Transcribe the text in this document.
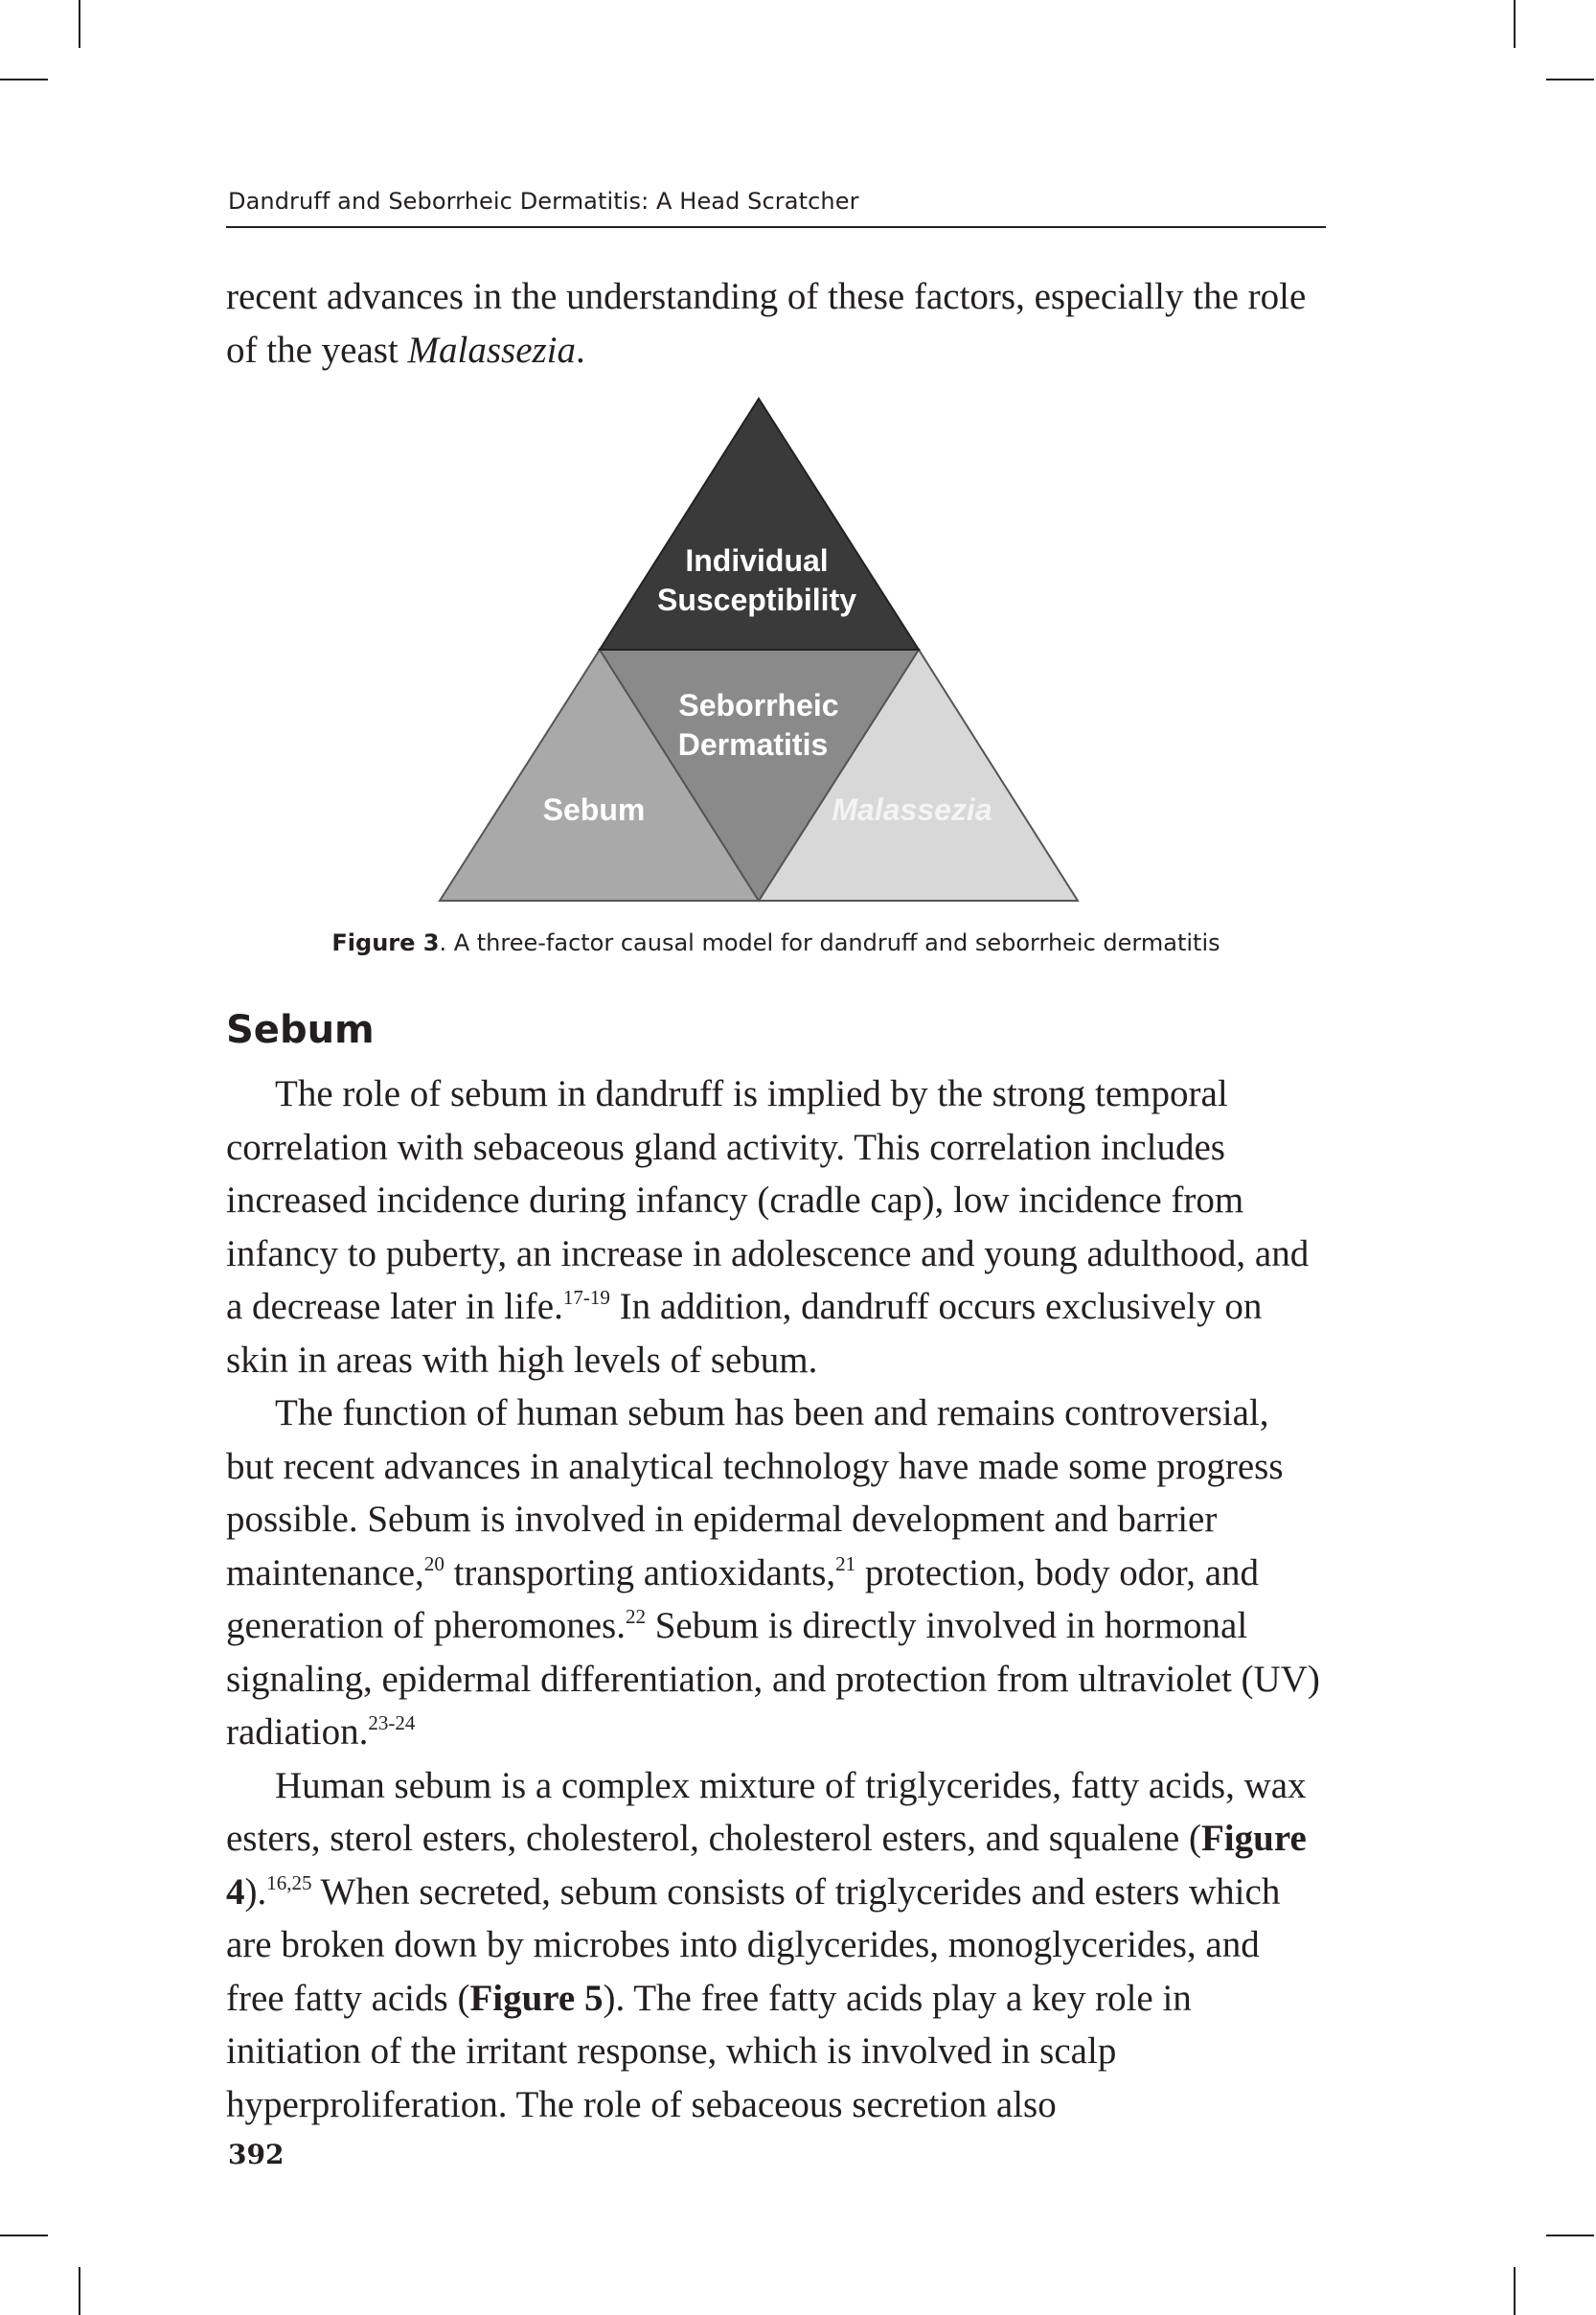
Dandruff and Seborrheic Dermatitis: A Head Scratcher

recent advances in the understanding of these factors, especially the role of the yeast Malassezia.

Individual
Susceptibility
Seborrheic
Dermatitis
Sebum	Malassezia
Figure 3. A three-factor causal model for dandruff and seborrheic dermatitis
Sebum

The role of sebum in dandruff is implied by the strong temporal correlation with sebaceous gland activity. This correlation includes increased incidence during infancy (cradle cap), low incidence from infancy to puberty, an increase in adolescence and young adulthood, and a decrease later in life.$^{17-19}$ In addition, dandruff occurs exclusively on skin in areas with high levels of sebum.

The function of human sebum has been and remains controversial, but recent advances in analytical technology have made some progress possible. Sebum is involved in epidermal development and barrier maintenance,$^{20}$ transporting antioxidants,$^{21}$ protection, body odor, and generation of pheromones.$^{22}$ Sebum is directly involved in hormonal signaling, epidermal differentiation, and protection from ultraviolet (UV) radiation.$^{23-24}$

Human sebum is a complex mixture of triglycerides, fatty acids, wax esters, sterol esters, cholesterol, cholesterol esters, and squalene (Figure 4).$^{16,25}$ When secreted, sebum consists of triglycerides and esters which are broken down by microbes into diglycerides, monoglycerides, and free fatty acids (Figure 5). The free fatty acids play a key role in initiation of the irritant response, which is involved in scalp hyperproliferation. The role of sebaceous secretion also

392
